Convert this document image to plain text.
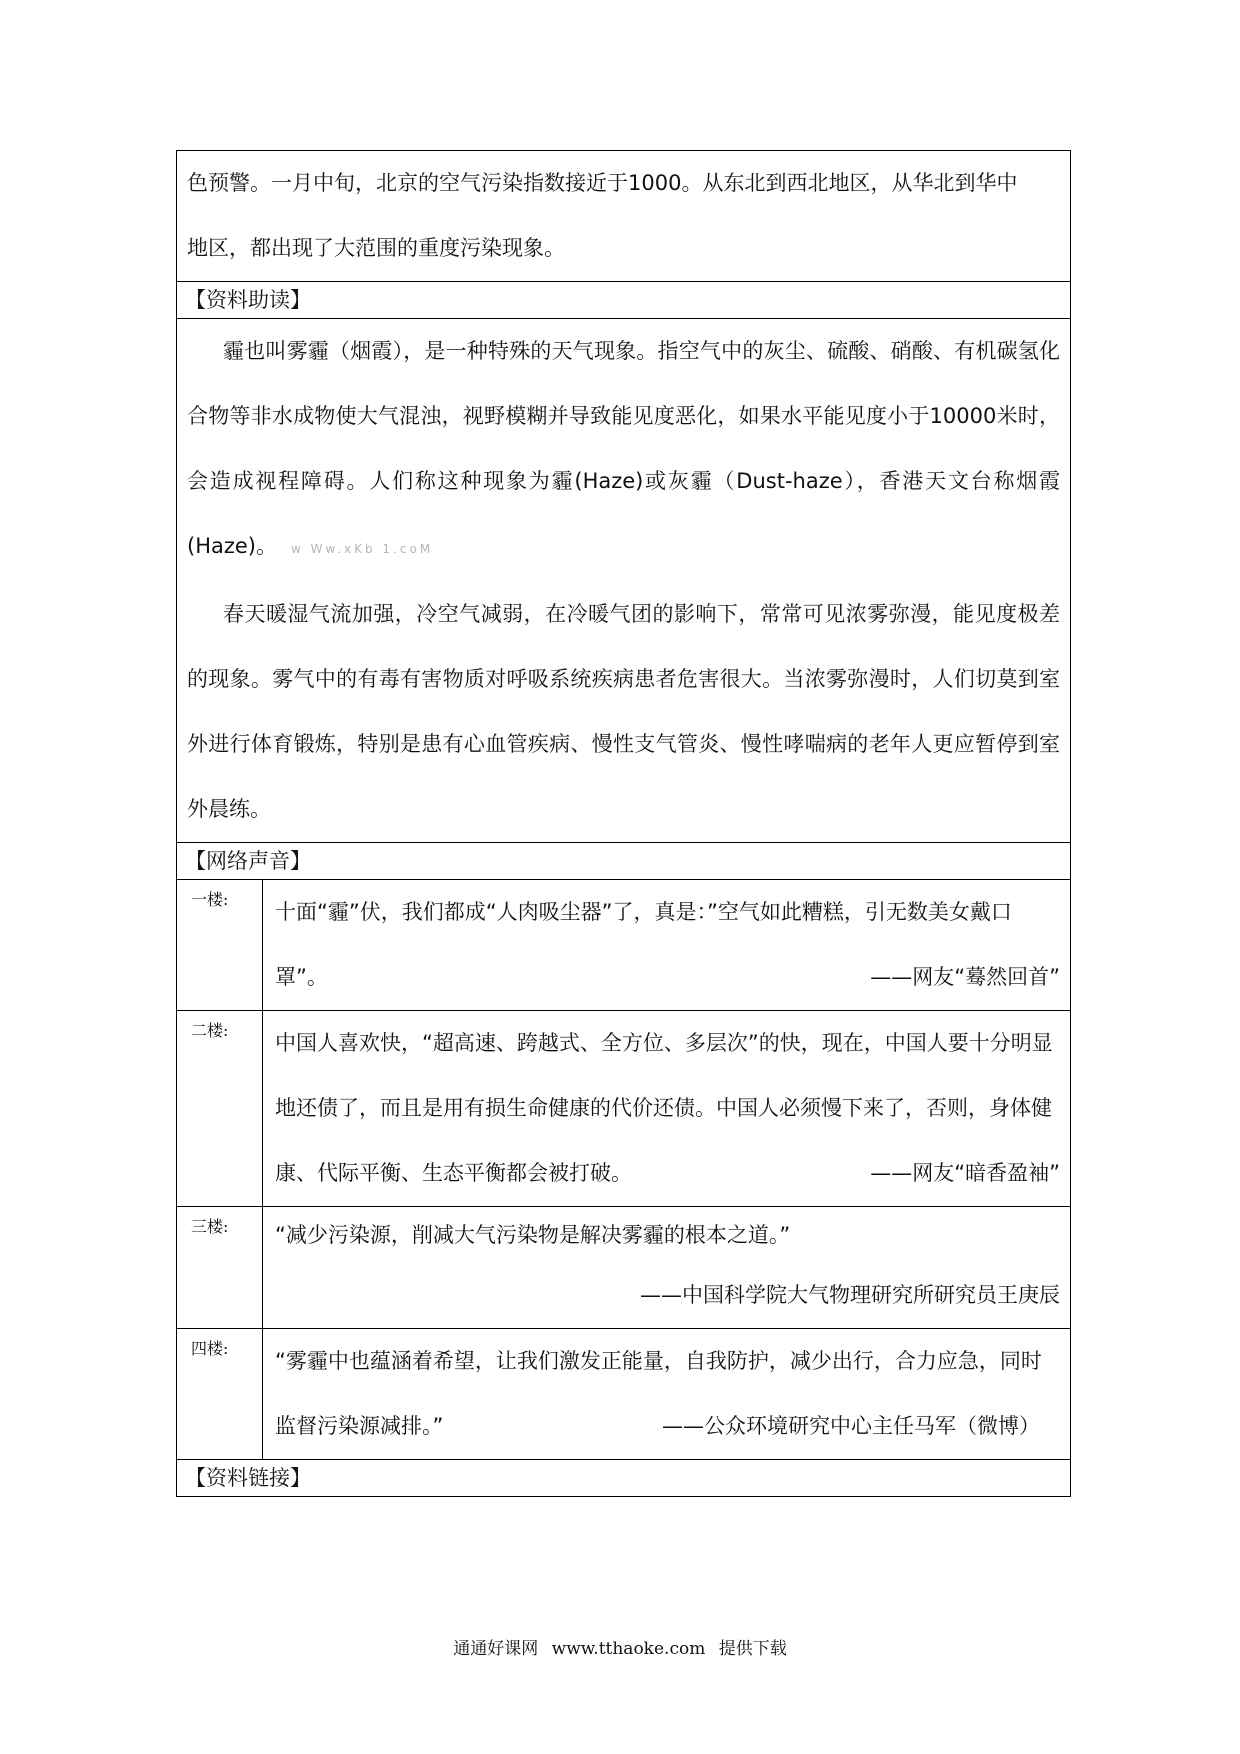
色预警。一月中旬，北京的空气污染指数接近于1000。从东北到西北地区，从华北到华中
地区，都出现了大范围的重度污染现象。	

【资料助读】	

霾也叫雾霾（烟霞），是一种特殊的天气现象。指空气中的灰尘、硫酸、硝酸、有机碳氢化合物等非水成物使大气混浊，视野模糊并导致能见度恶化，如果水平能见度小于10000米时，会造成视程障碍。人们称这种现象为霾(Haze)或灰霾（Dust-haze），香港天文台称烟霞(Haze)。 w Ww.xKb 1.coM

春天暖湿气流加强，冷空气减弱，在冷暖气团的影响下，常常可见浓雾弥漫，能见度极差的现象。雾气中的有毒有害物质对呼吸系统疾病患者危害很大。当浓雾弥漫时，人们切莫到室外进行体育锻炼，特别是患有心血管疾病、慢性支气管炎、慢性哮喘病的老年人更应暂停到室外晨练。	

【网络声音】	

一楼:	十面“霾”伏，我们都成“人肉吸尘器”了，真是：”空气如此糟糕，引无数美女戴口罩”。 ——网友“蓦然回首”

二楼:	中国人喜欢快，“超高速、跨越式、全方位、多层次”的快，现在，中国人要十分明显地还债了，而且是用有损生命健康的代价还债。中国人必须慢下来了，否则，身体健康、代际平衡、生态平衡都会被打破。 ——网友“暗香盈袖”

三楼:	“减少污染源，削减大气污染物是解决雾霾的根本之道。”
——中国科学院大气物理研究所研究员王庚辰

四楼:	“雾霾中也蕴涵着希望，让我们激发正能量，自我防护，减少出行，合力应急，同时监督污染源减排。” ——公众环境研究中心主任马军（微博）

【资料链接】	
通通好课网 www.tthaoke.com 提供下载
